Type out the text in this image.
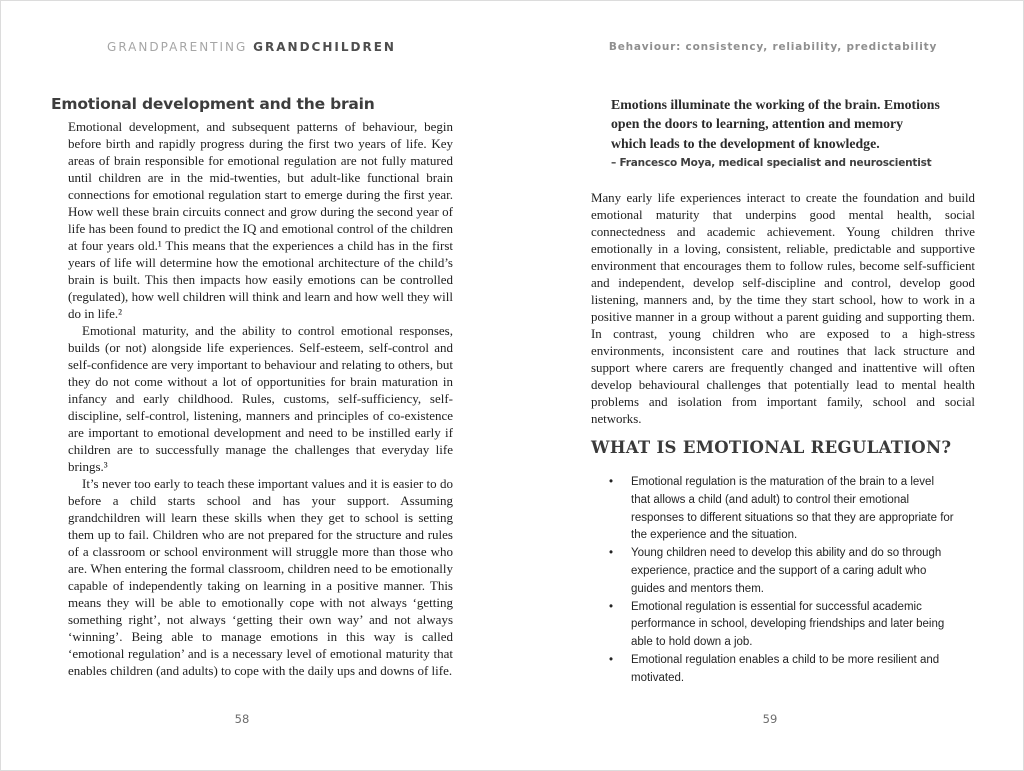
GRANDPARENTING GRANDCHILDREN	Behaviour: consistency, reliability, predictability
Emotional development and the brain

Emotional development, and subsequent patterns of behaviour, begin before birth and rapidly progress during the first two years of life. Key areas of brain responsible for emotional regulation are not fully matured until children are in the mid-twenties, but adult-like functional brain connections for emotional regulation start to emerge during the first year. How well these brain circuits connect and grow during the second year of life has been found to predict the IQ and emotional control of the children at four years old.¹ This means that the experiences a child has in the first years of life will determine how the emotional architecture of the child’s brain is built. This then impacts how easily emotions can be controlled (regulated), how well children will think and learn and how well they will do in life.²

Emotional maturity, and the ability to control emotional responses, builds (or not) alongside life experiences. Self-esteem, self-control and self-confidence are very important to behaviour and relating to others, but they do not come without a lot of opportunities for brain maturation in infancy and early childhood. Rules, customs, self-sufficiency, self-discipline, self-control, listening, manners and principles of co-existence are important to emotional development and need to be instilled early if children are to successfully manage the challenges that everyday life brings.³

It’s never too early to teach these important values and it is easier to do before a child starts school and has your support. Assuming grandchildren will learn these skills when they get to school is setting them up to fail. Children who are not prepared for the structure and rules of a classroom or school environment will struggle more than those who are. When entering the formal classroom, children need to be emotionally capable of independently taking on learning in a positive manner. This means they will be able to emotionally cope with not always ‘getting something right’, not always ‘getting their own way’ and not always ‘winning’. Being able to manage emotions in this way is called ‘emotional regulation’ and is a necessary level of emotional maturity that enables children (and adults) to cope with the daily ups and downs of life.

58
Emotions illuminate the working of the brain. Emotions
open the doors to learning, attention and memory
which leads to the development of knowledge.
– Francesco Moya, medical specialist and neuroscientist
Many early life experiences interact to create the foundation and build emotional maturity that underpins good mental health, social connectedness and academic achievement. Young children thrive emotionally in a loving, consistent, reliable, predictable and supportive environment that encourages them to follow rules, become self-sufficient and independent, develop self-discipline and control, develop good listening, manners and, by the time they start school, how to work in a positive manner in a group without a parent guiding and supporting them. In contrast, young children who are exposed to a high-stress environments, inconsistent care and routines that lack structure and support where carers are frequently changed and inattentive will often develop behavioural challenges that potentially lead to mental health problems and isolation from important family, school and social networks.
WHAT IS EMOTIONAL REGULATION?
•	Emotional regulation is the maturation of the brain to a level that allows a child (and adult) to control their emotional responses to different situations so that they are appropriate for the experience and the situation.
•	Young children need to develop this ability and do so through experience, practice and the support of a caring adult who guides and mentors them.
•	Emotional regulation is essential for successful academic performance in school, developing friendships and later being able to hold down a job.
•	Emotional regulation enables a child to be more resilient and motivated.
59
